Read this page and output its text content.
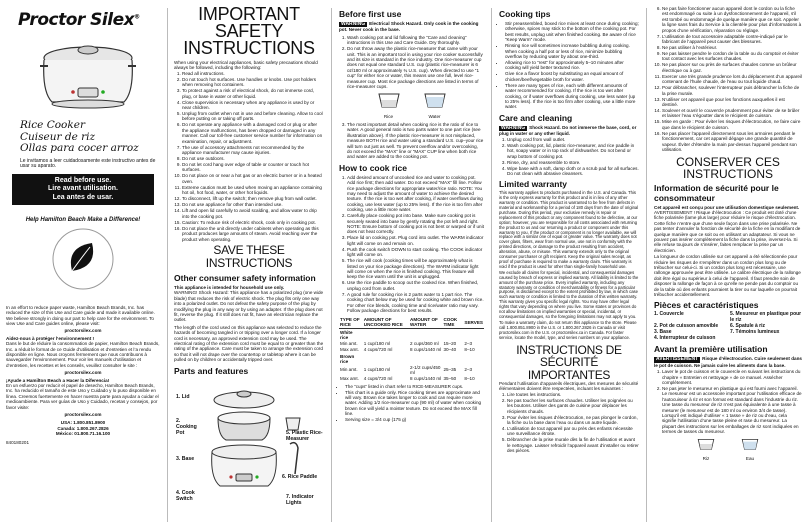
Proctor Silex®
Rice Cooker
Cuiseur de riz
Ollas para cocer arroz

Le invitamos a leer cuidadosamente este instructivo antes de usar su aparato.

Read before use.
Lire avant utilisation.
Lea antes de usar.
Help Hamilton Beach Make a Difference!

In an effort to reduce paper waste, Hamilton Beach Brands, Inc. has reduced the size of this Use and Care guide and made it available online. We believe strongly in doing our part to help care for the environment. To view Use and Care guides online, please visit:

proctorsilex.com

Aidez-nous à protéger l’environnement !

Dans le but de réduire la consommation de papier, Hamilton Beach Brands, Inc. a réduit le format de ce Guide d’utilisation et d’entretien et l’a rendu disponible en ligne. Nous croyons fermement que nous contribuons à sauvegarder l’environnement. Pour voir les manuels d’utilisation et d’entretien, les recettes et les conseils, veuillez consulter le site :

proctorsilex.com

¡Ayude a Hamilton Beach a Hacer la Diferencia!

En un esfuerzo por reducir el papel de desecho, Hamilton Beach Brands, Inc. ha reducido el tamaño de este Uso y Cuidado y lo puso disponible en línea. Creemos fuertemente en hacer nuestra parte para ayudar a cuidar el medioambiente. Para ver guías de Uso y Cuidado, recetas y consejos, por favor visite:

proctorsilex.com

USA: 1.800.851.8900
Canada: 1.800.267.2826
México: 01.800.71.16.100

840180201

IMPORTANT SAFETY INSTRUCTIONS

When using your electrical appliances, basic safety precautions should always be followed, including the following:

1. Read all instructions.
2. Do not touch hot surfaces. Use handles or knobs. Use pot holders when removing hot containers.
3. To protect against a risk of electrical shock, do not immerse cord, plug, or base in water or other liquid.
4. Close supervision is necessary when any appliance is used by or near children.
5. Unplug from outlet when not in use and before cleaning. Allow to cool before putting on or taking off parts.
6. Do not operate any appliance with a damaged cord or plug or after the appliance malfunctions, has been dropped or damaged in any manner. Call our toll-free customer service number for information on examination, repair, or adjustment.
7. The use of accessory attachments not recommended by the appliance manufacturer may cause injuries.
8. Do not use outdoors.
9. Do not let cord hang over edge of table or counter or touch hot surfaces.
10. Do not place on or near a hot gas or an electric burner or in a heated oven.
11. Extreme caution must be used when moving an appliance containing hot oil, hot food, water, or other hot liquids.
12. To disconnect, lift up the switch; then remove plug from wall outlet.
13. Do not use appliance for other than intended use.
14. Lift and open lid carefully to avoid scalding, and allow water to drip into the cooking pot.
15. Caution: To reduce risk of electric shock, cook only in cooking pot.
16. Do not place the unit directly under cabinets when operating as this product produces large amounts of steam. Avoid reaching over the product when operating.
SAVE THESE INSTRUCTIONS
Other consumer safety information

This appliance is intended for household use only.

WARNING! Shock Hazard: This appliance has a polarized plug (one wide blade) that reduces the risk of electric shock. The plug fits only one way into a polarized outlet. Do not defeat the safety purpose of the plug by modifying the plug in any way or by using an adapter. If the plug does not fit, reverse the plug. If it still does not fit, have an electrician replace the outlet.

The length of the cord used on this appliance was selected to reduce the hazards of becoming tangled in or tripping over a longer cord. If a longer cord is necessary, an approved extension cord may be used. The electrical rating of the extension cord must be equal to or greater than the rating of the appliance. Care must be taken to arrange the extension cord so that it will not drape over the countertop or tabletop where it can be pulled on by children or accidentally tripped over.

Parts and features
1. Lid
2. Cooking Pot
3. Base
4. Cook Switch
5. Plastic Rice-Measurer
6. Rice Paddle
7. Indicator Lights
Before first use

WARNING Electrical Shock Hazard. Only cook in the cooking pot. Never cook in the base.

1. Wash cooking pot and lid following the “Care and cleaning” instructions in this Use and Care Guide. Dry thoroughly.
2. Do not throw away the plastic rice-measurer that came with your unit. This is an important tool in using your rice cooker successfully and its size is standard in the rice industry. One rice-measurer cup does not equal one standard U.S. cup (plastic rice-measurer is 6 oz/180 ml or approximately ¾ U.S. cup). When directed to use “1 cup” for either rice or water, this means use one full, level rice-measurer cup. Most rice package directions are listed in terms of rice-measurer cups.
Rice	Water
3. The most important detail when cooking rice is the ratio of rice to water. A good general ratio is two parts water to one part rice (see illustration above). If the plastic rice-measurer is not misplaced, measure BOTH rice and water using a standard U.S. cup–your rice will turn out just as well. To prevent overflow and/or overcooking, do not exceed the “MAX” line or “MAX” CUP line when both rice and water are added to the cooking pot.
How to cook rice
1. Add desired amount of uncooked rice and water to cooking pot. Add rice first; then add water. Do not exceed “MAX” fill line. Follow rice package directions for appropriate water/rice ratio. NOTE: You may need to adjust the amount of water to achieve the desired texture. If the rice is too wet after cooking, if water overflows during cooking, use less water (up to 25% less). If the rice is too firm after cooking, use a little more water.
2. Carefully place cooking pot into base. Make sure cooking pot is securely seated into base by gently rotating the pot left and right. NOTE: Ensure bottom of cooking pot is not bent or warped or if unit does not heat correctly.
3. Place lid on cooking pot. Plug cord into outlet. The WARM indicator light will come on and remain on.
4. Push the cook switch DOWN to start cooking. The COOK indicator light will come on.
5. The rice will cook (cooking times will be approximately what is listed on your rice package directions). The WARM indicator light will come on when the rice is finished cooking. This feature will keep the rice warm until the unit is unplugged.
6. Use the rice paddle to scoop out the cooked rice. When finished, unplug cord from outlet.
7. A good rule for cooking rice is 2 parts water to 1 part rice. The cooking chart below may be used for cooking white and brown rice. For other rice blends, cooking time and rice/water ratio may vary. Follow package directions for best results.
TYPE OF RICE	AMOUNT OF UNCOOKED RICE	AMOUNT OF WATER	COOK TIME	SERVES
White rice				
Min amt.	1 cup/180 ml	2 cups/360 ml	15–20	2–3
Max amt.	4 cups/720 ml	8 cups/1440 ml	30–40	8–10
Brown rice				
Min amt.	1 cup/180 ml	2-1/2 cups/450 ml	25–35	2–3
Max amt.	4 cups/720 ml	8 cups/1440 ml	35–50	8–10
• The “cups” listed in chart refer to RICE-MEASURER cups.
• This chart is a guide only. Rice cooking times are approximate and will vary. Brown rice takes longer to cook and can require more water. Adding 1/2 rice-measurer cup (90 ml) of water when cooking brown rice will yield a moister texture. Do not exceed the MAX fill line.
• Serving size = 3/4 cup (175 g)
Cooking tips
• Stir preassembled, boxed rice mixes at least once during cooking; otherwise, spices may stick to the bottom of the cooking pot. For best results, unplug unit when finished cooking. Be aware of rice “Keep Warm” mode.
• Rinsing rice will sometimes increase bubbling during cooking. When cooking a half pot or less of rice, minimize bubbling overflow by reducing water by about one-third.
• Allowing rice to “rest” for approximately 5–10 minutes after cooking will yield better textured rice.
• Give rice a flavor boost by substituting an equal amount of chicken/beef/vegetable broth for water.
• There are many types of rice, each with different amounts of water recommended for cooking. If the rice is too wet after cooking, or if water overflows during cooking, use less water (up to 25% less). If the rice is too firm after cooking, use a little more water.
Care and cleaning

WARNING Shock Hazard. Do not immerse the base, cord, or plug in water or any other liquid.

1. Unplug cord from wall outlet.
2. Wash cooking pot, lid, plastic rice-measurer, and rice paddle in hot, soapy water or in top rack of dishwasher. Do not bend or wrap bottom of cooking pot.
3. Rinse, dry, and reassemble to store.
4. Wipe base with a soft, damp cloth or a scrub pad for all surfaces. Do not clean with abrasive cleansers.
Limited warranty

This warranty applies to products purchased in the U.S. and Canada. This is the only express warranty for this product and is in lieu of any other warranty or condition. This product is warranted to be free from defects in material and workmanship for a period of 180 days from the date of original purchase. During this period, your exclusive remedy is repair or replacement of this product or any component found to be defective, at our option; however, you are responsible for all costs associated with returning the product to us and our returning a product or component under this warranty to you. If the product or component is no longer available, we will replace with a similar one of equal or greater value. The warranty does not cover glass, filters, wear from normal use, use not in conformity with the printed directions, or damage to the product resulting from accident, alteration, abuse, or misuse. This warranty extends only to the original consumer purchaser or gift recipient. Keep the original sales receipt, as proof of purchase is required to make a warranty claim. This warranty is void if the product is used for other than single-family household use.

We exclude all claims for special, incidental, and consequential damages caused by breach of express or implied warranty. All liability is limited to the amount of the purchase price. Every implied warranty, including any statutory warranty or condition of merchantability or fitness for a particular purpose, is disclaimed except to the extent prohibited by law, in which case such warranty or condition is limited to the duration of this written warranty. This warranty gives you specific legal rights. You may have other legal rights that vary depending on where you live. Some states or provinces do not allow limitations on implied warranties or special, incidental, or consequential damages, so the foregoing limitations may not apply to you.

To make a warranty claim, do not return this appliance to the store. Please call 1.800.851.8900 in the U.S. or 1.800.267.2826 in Canada or visit proctorsilex.com in the U.S. or proctorsilex.ca in Canada. For faster service, locate the model, type, and series numbers on your appliance.

INSTRUCTIONS DE SÉCURITÉ IMPORTANTES

Pendant l’utilisation d’appareils électriques, des mesures de sécurité élémentaires doivent être respectées, incluant les suivantes :

1. Lire toutes les instructions.
2. Ne pas toucher les surfaces chaudes. Utiliser les poignées ou les boutons. Utiliser des gants de cuisine pour déplacer les récipients chauds.
3. Pour éviter les risques d’électrocution, ne pas plonger le cordon, la fiche ou la base dans l’eau ou dans un autre liquide.
4. L’utilisation de tout appareil par ou près des enfants nécessite une surveillance étroite.
5. Débrancher de la prise murale dès la fin de l’utilisation et avant le nettoyage. Laisser refroidir l’appareil avant d’installer ou retirer des pièces.
6. Ne pas faire fonctionner aucun appareil dont le cordon ou la fiche est endommagé ou suite à un dysfonctionnement de l’appareil, s’il est tombé ou endommagé de quelque manière que ce soit. Appeler la ligne sans frais du Service à la clientèle pour plus d’informations à propos d’une vérification, réparation ou réglage.
7. L’utilisation de tout accessoire adaptable contre-indiqué par le fabricant de l’appareil peut causer des blessures.
8. Ne pas utiliser à l’extérieur.
9. Ne pas laisser pendre le cordon de la table ou du comptoir et éviter tout contact avec les surfaces chaudes.
10. Ne pas placer sur ou près de surfaces chaudes comme un brûleur électrique ou à gaz.
11. Exercer une très grande prudence lors du déplacement d’un appareil contenant de l’huile chaude, de l’eau ou tout liquide chaud.
12. Pour débrancher, soulever l’interrupteur puis débrancher la fiche de la prise murale.
13. N’utiliser cet appareil que pour les fonctions auxquelles il est destiné.
14. Soulever et ouvrir le couvercle prudemment pour éviter de se brûler et laisser l’eau s’égoutter dans le récipient de cuisson.
15. Mise en garde : Pour éviter les risques d’électrocution, ne faire cuire que dans le récipient de cuisson.
16. Ne pas placer l’appareil directement sous les armoires pendant le fonctionnement, car cet appareil dégage une grande quantité de vapeur. Éviter d’étendre la main par-dessus l’appareil pendant son utilisation.
CONSERVER CES INSTRUCTIONS
Information de sécurité pour le consommateur

Cet appareil est conçu pour une utilisation domestique seulement.

AVERTISSEMENT ! Risque d’électrocution : Ce produit est doté d’une fiche polarisée (lame plus large) pour réduire le risque d’électrocution. Cette fiche n’entre que d’une seule façon dans une prise polarisée. Ne pas tenter d’annuler la fonction de sécurité de la fiche en la modifiant de quelque manière que ce soit ou en utilisant un adaptateur. Si vous ne pouvez pas insérer complètement la fiche dans la prise, inversez-la. Si elle refuse toujours de s’insérer, faites remplacer la prise par un électricien.

La longueur de cordon utilisée sur cet appareil a été sélectionnée pour réduire les risques de s’empêtrer dans un cordon plus long ou de trébucher sur celui-ci. Si un cordon plus long est nécessaire, une rallonge approuvée peut être utilisée. Le calibre électrique de la rallonge doit être égal ou supérieur à celui de l’appareil. Il faut prendre soin de disposer la rallonge de façon à ce qu’elle ne pende pas du comptoir ou de la table où des enfants pourraient la tirer ou sur laquelle on pourrait trébucher accidentellement.

Pièces et caractéristiques
1. Couvercle	5. Mesureur en plastique pour le riz
2. Pot de cuisson amovible	6. Spatule à riz
3. Base	7. Témoins lumineux
4. Interrupteur de cuisson
Avant la première utilisation

AVERTISSEMENT Risque d’électrocution. Cuire seulement dans le pot de cuisson. Ne jamais cuire les aliments dans la base.

1. Laver le pot de cuisson et le couvercle en suivant les instructions du chapitre « Entretien et nettoyage » de ce manuel. Assécher complètement.
2. Ne pas jeter le mesureur en plastique qui est fourni avec l’appareil. Le mesureur est un accessoire important pour l’utilisation efficace de l’autocuiseur à riz et son format est standard dans l’industrie du riz. Une tasse du mesureur de riz n’est pas équivalente à une tasse à mesurer (le mesureur est de 180 ml ou environ 3/4 de tasse). Lorsqu’il est indiqué d’utiliser « 1 tasse » de riz ou d’eau, cela signifie l’utilisation d’une tasse pleine et rase du mesureur. La plupart des instructions sur les emballages de riz sont indiquées en termes de tasses du mesureur.
Riz	Eau
